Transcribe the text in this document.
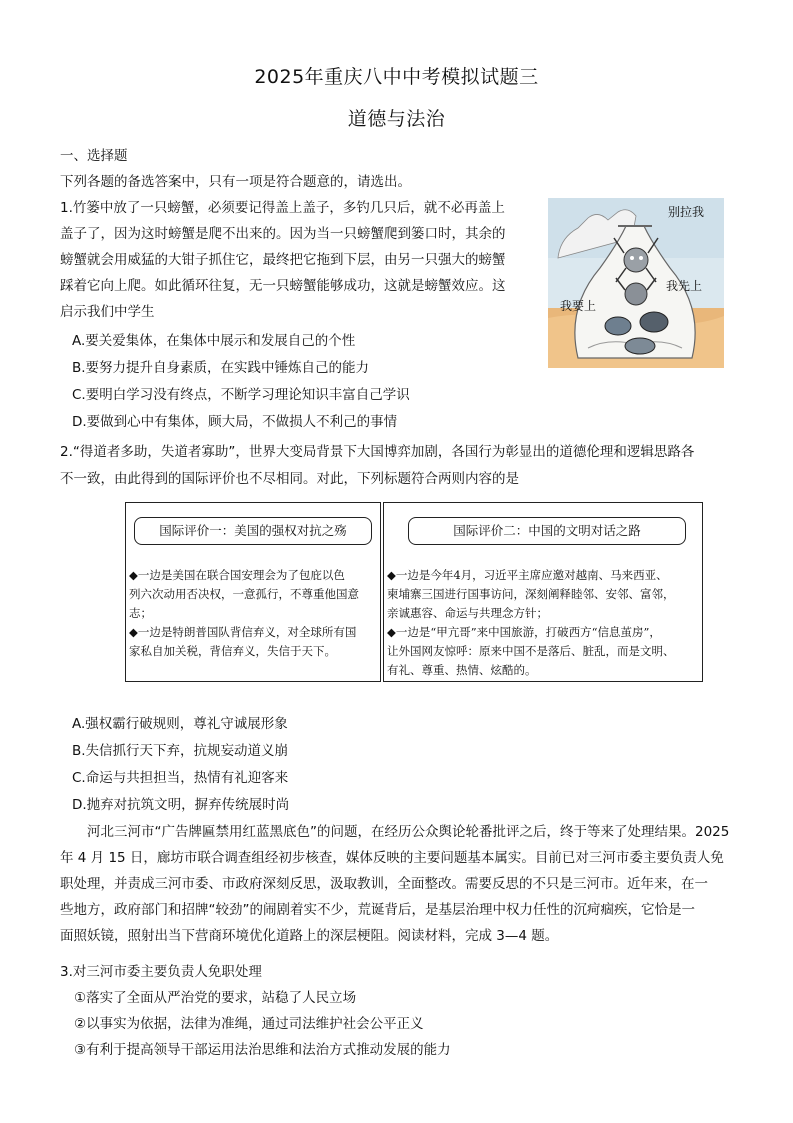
2025年重庆八中中考模拟试题三
道德与法治
一、选择题
下列各题的备选答案中，只有一项是符合题意的，请选出。
1.竹篓中放了一只螃蟹，必须要记得盖上盖子，多钓几只后，就不必再盖上
盖子了，因为这时螃蟹是爬不出来的。因为当一只螃蟹爬到篓口时，其余的
螃蟹就会用威猛的大钳子抓住它，最终把它拖到下层，由另一只强大的螃蟹
踩着它向上爬。如此循环往复，无一只螃蟹能够成功，这就是螃蟹效应。这
启示我们中学生
A.要关爱集体，在集体中展示和发展自己的个性
B.要努力提升自身素质，在实践中锤炼自己的能力
C.要明白学习没有终点，不断学习理论知识丰富自己学识
D.要做到心中有集体，顾大局，不做损人不利己的事情
别拉我
我先上
我要上
2.“得道者多助，失道者寡助”，世界大变局背景下大国博弈加剧，各国行为彰显出的道德伦理和逻辑思路各
不一致，由此得到的国际评价也不尽相同。对此，下列标题符合两则内容的是
国际评价一：美国的强权对抗之殇
◆一边是美国在联合国安理会为了包庇以色
列六次动用否决权，一意孤行，不尊重他国意
志；
◆一边是特朗普国队背信弃义，对全球所有国
家私自加关税，背信弃义，失信于天下。
国际评价二：中国的文明对话之路
◆一边是今年4月，习近平主席应邀对越南、马来西亚、
柬埔寨三国进行国事访问，深刻阐释睦邻、安邻、富邻，
亲诚惠容、命运与共理念方针；
◆一边是“甲亢哥”来中国旅游，打破西方“信息茧房”，
让外国网友惊呼：原来中国不是落后、脏乱，而是文明、
有礼、尊重、热情、炫酷的。
A.强权霸行破规则，尊礼守诚展形象
B.失信抓行天下弃，抗规妄动道义崩
C.命运与共担担当，热情有礼迎客来
D.抛弃对抗筑文明，摒弃传统展时尚
河北三河市“广告牌匾禁用红蓝黑底色”的问题，在经历公众舆论轮番批评之后，终于等来了处理结果。2025
年 4 月 15 日，廊坊市联合调查组经初步核查，媒体反映的主要问题基本属实。目前已对三河市委主要负责人免
职处理，并责成三河市委、市政府深刻反思，汲取教训，全面整改。需要反思的不只是三河市。近年来，在一
些地方，政府部门和招牌“较劲”的闹剧着实不少，荒诞背后，是基层治理中权力任性的沉疴痼疾，它恰是一
面照妖镜，照射出当下营商环境优化道路上的深层梗阻。阅读材料，完成 3—4 题。
3.对三河市委主要负责人免职处理
①落实了全面从严治党的要求，站稳了人民立场
②以事实为依据，法律为准绳，通过司法维护社会公平正义
③有利于提高领导干部运用法治思维和法治方式推动发展的能力
